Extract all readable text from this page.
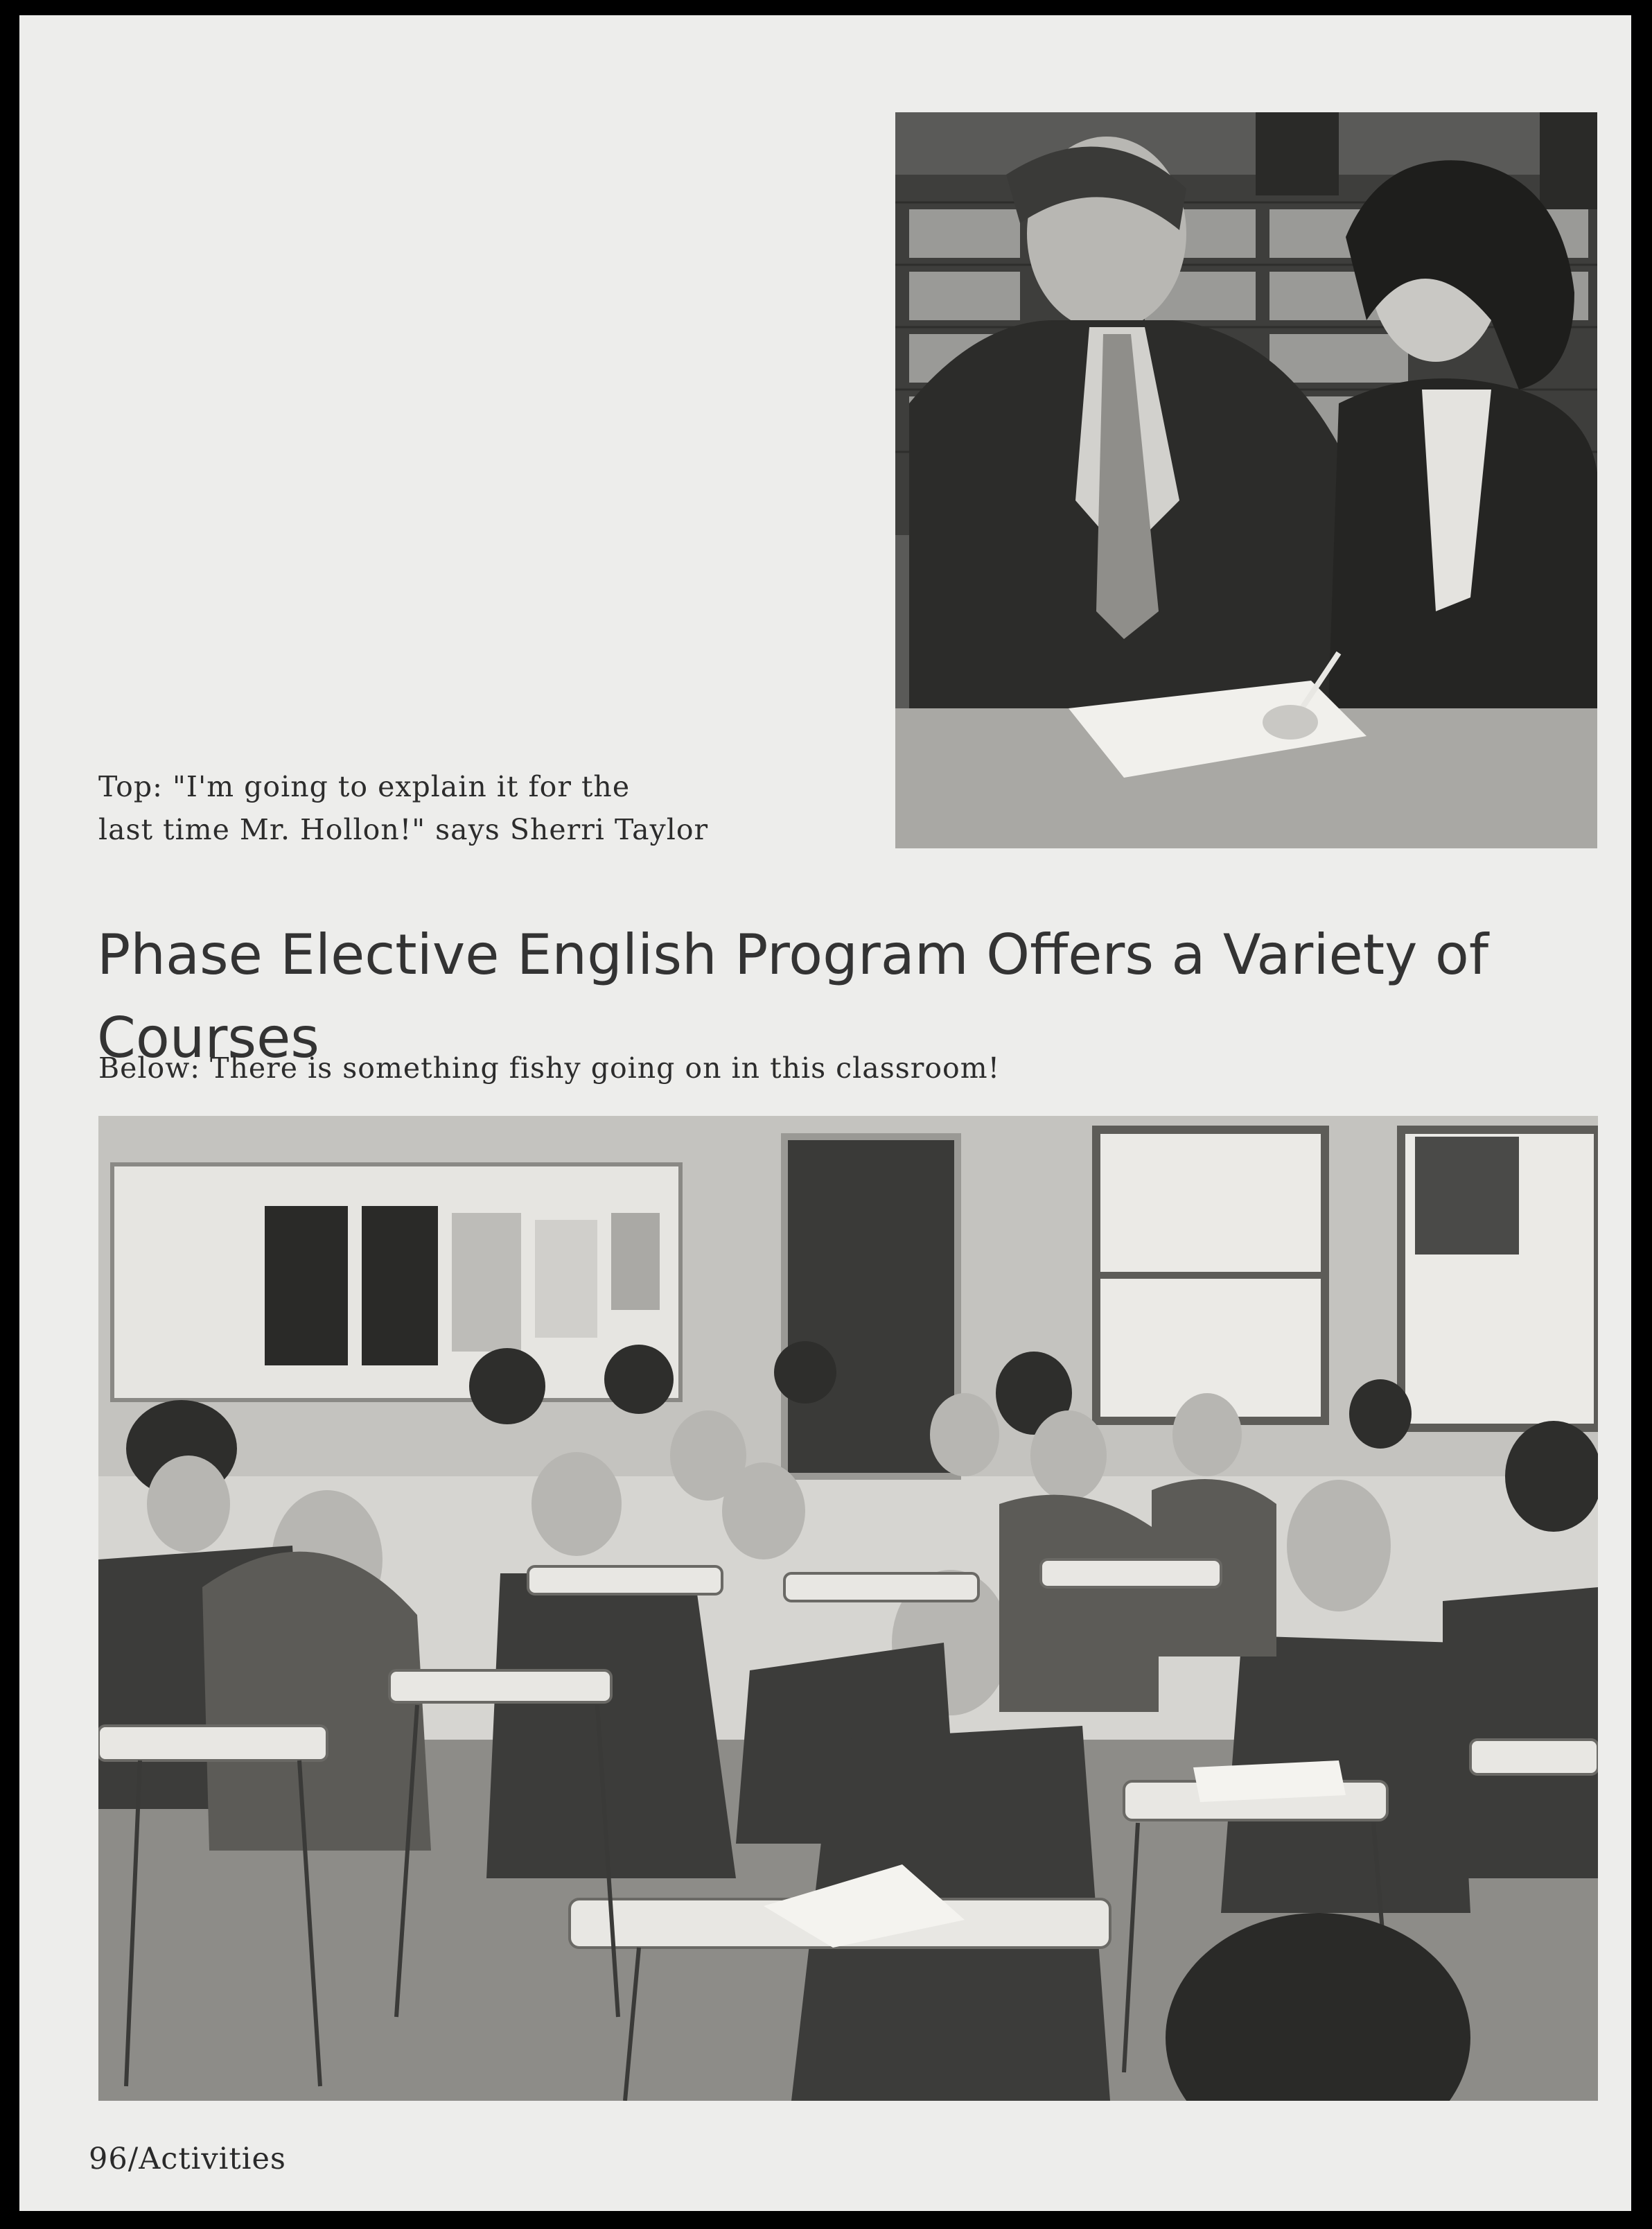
Top: "I'm going to explain it for the
last time Mr. Hollon!" says Sherri Taylor
Phase Elective English Program Offers a Variety of Courses
Below: There is something fishy going on in this classroom!
96/Activities
